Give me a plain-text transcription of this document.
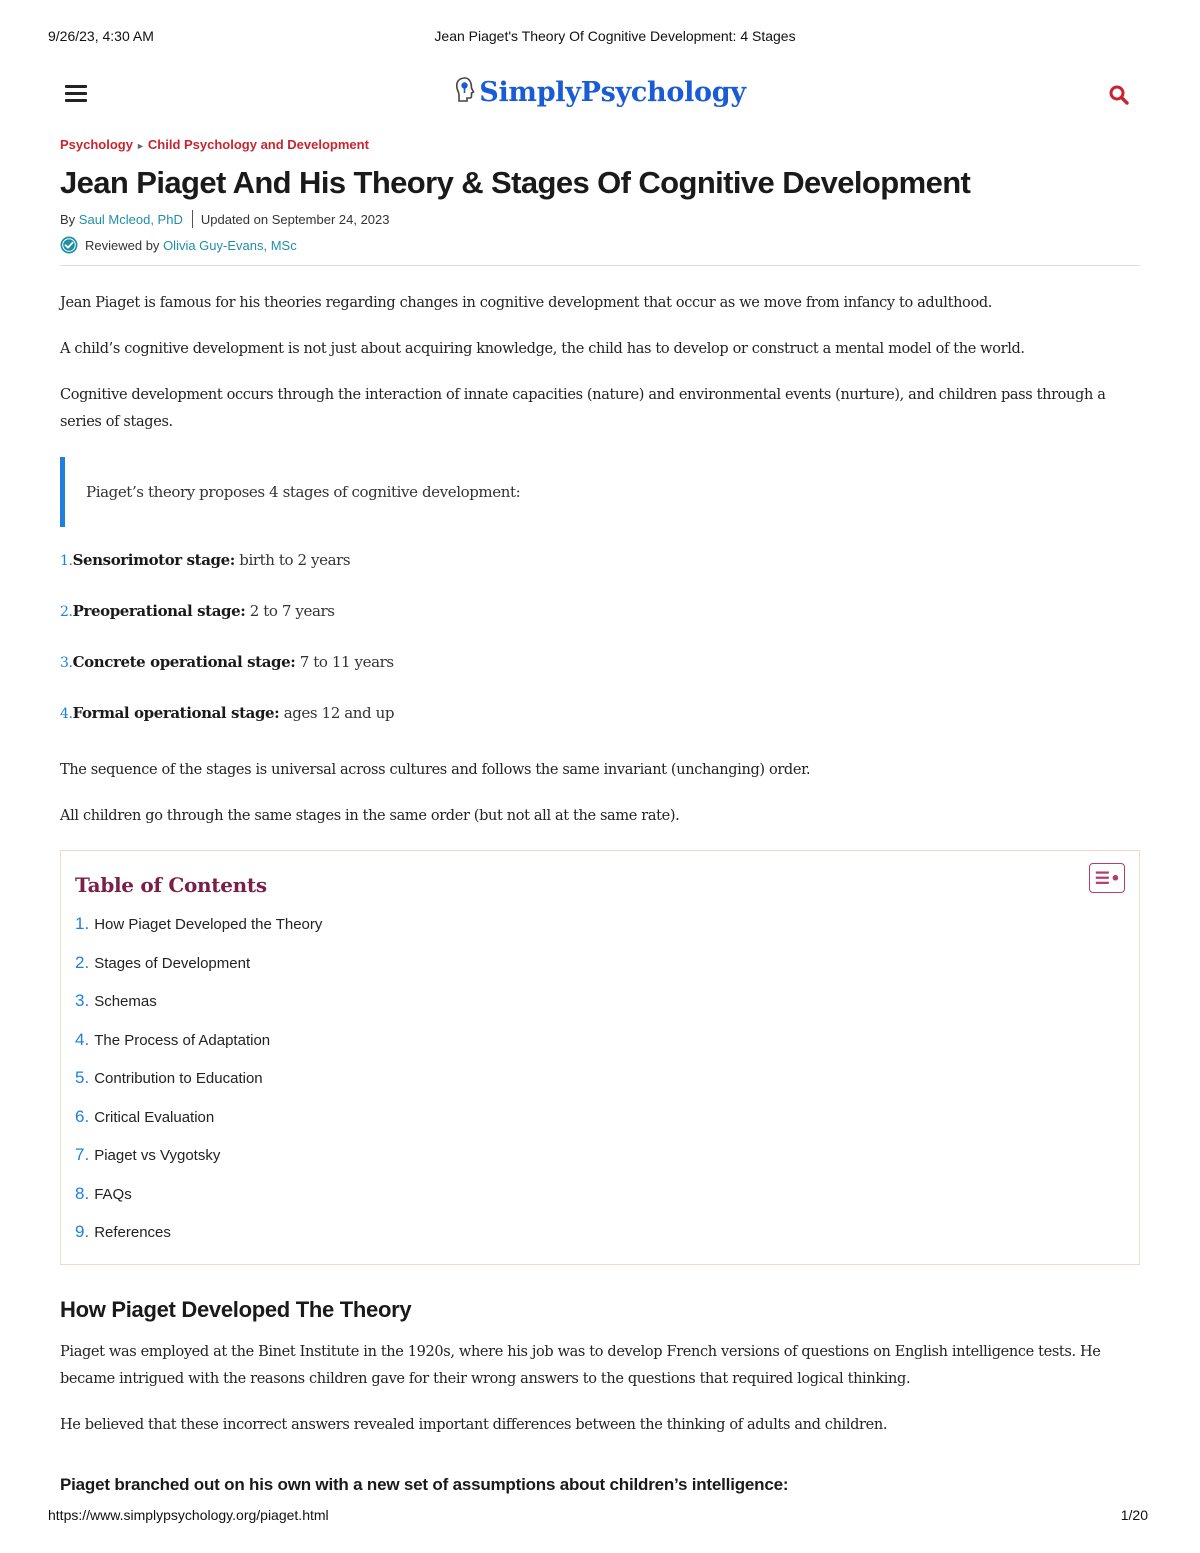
9/26/23, 4:30 AM	Jean Piaget's Theory Of Cognitive Development: 4 Stages
SimplyPsychology
Psychology ► Child Psychology and Development
Jean Piaget And His Theory & Stages Of Cognitive Development
By Saul Mcleod, PhD Updated on September 24, 2023
Reviewed by Olivia Guy-Evans, MSc

Jean Piaget is famous for his theories regarding changes in cognitive development that occur as we move from infancy to adulthood.

A child’s cognitive development is not just about acquiring knowledge, the child has to develop or construct a mental model of the world.

Cognitive development occurs through the interaction of innate capacities (nature) and environmental events (nurture), and children pass through a series of stages.

Piaget’s theory proposes 4 stages of cognitive development:
1.Sensorimotor stage: birth to 2 years
2.Preoperational stage: 2 to 7 years
3.Concrete operational stage: 7 to 11 years
4.Formal operational stage: ages 12 and up

The sequence of the stages is universal across cultures and follows the same invariant (unchanging) order.

All children go through the same stages in the same order (but not all at the same rate).

Table of Contents
1. How Piaget Developed the Theory
2. Stages of Development
3. Schemas
4. The Process of Adaptation
5. Contribution to Education
6. Critical Evaluation
7. Piaget vs Vygotsky
8. FAQs
9. References
How Piaget Developed The Theory

Piaget was employed at the Binet Institute in the 1920s, where his job was to develop French versions of questions on English intelligence tests. He became intrigued with the reasons children gave for their wrong answers to the questions that required logical thinking.

He believed that these incorrect answers revealed important differences between the thinking of adults and children.

Piaget branched out on his own with a new set of assumptions about children’s intelligence:
https://www.simplypsychology.org/piaget.html	1/20
